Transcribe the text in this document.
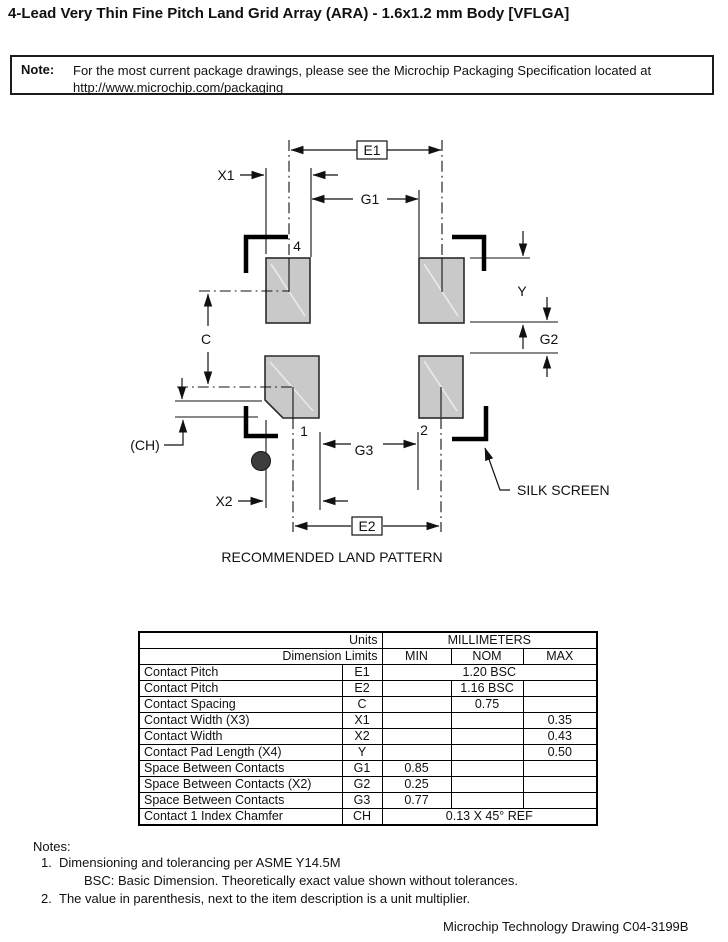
4-Lead Very Thin Fine Pitch Land Grid Array (ARA) - 1.6x1.2 mm Body [VFLGA]
Note: For the most current package drawings, please see the Microchip Packaging Specification located at
http://www.microchip.com/packaging
E1
X1
G1
C
Y
G2
(CH)
X2
G3
E2
SILK SCREEN
4
1	2
RECOMMENDED LAND PATTERN
Units		MILLIMETERS		
Dimension Limits		MIN	NOM	MAX
Contact Pitch	E1	1.20 BSC		
Contact Pitch	E2		1.16 BSC	
Contact Spacing	C		0.75	
Contact Width (X3)	X1			0.35
Contact Width	X2			0.43
Contact Pad Length (X4)	Y			0.50
Space Between Contacts	G1	0.85		
Space Between Contacts (X2)	G2	0.25		
Space Between Contacts	G3	0.77		
Contact 1 Index Chamfer	CH	0.13 X 45° REF		
Notes:
1. Dimensioning and tolerancing per ASME Y14.5M
BSC: Basic Dimension. Theoretically exact value shown without tolerances.
2. The value in parenthesis, next to the item description is a unit multiplier.
Microchip Technology Drawing C04-3199B
